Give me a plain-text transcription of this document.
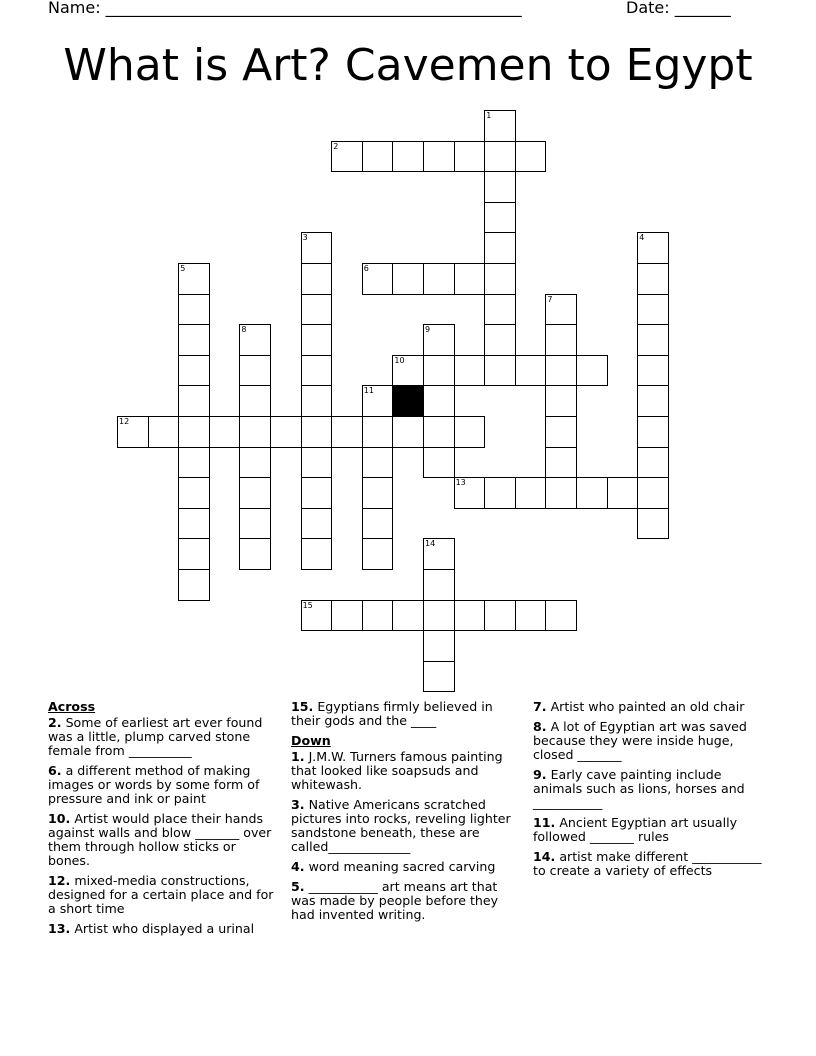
Name: ____________________________________________________	Date: _______
What is Art? Cavemen to Egypt
1
2
3	4
5	6
7
8	9
10
11
12
13
14
15
Across
2. Some of earliest art ever found was a little, plump carved stone female from __________
6. a different method of making images or words by some form of pressure and ink or paint
10. Artist would place their hands against walls and blow _______ over them through hollow sticks or bones.
12. mixed-media constructions, designed for a certain place and for a short time
13. Artist who displayed a urinal
15. Egyptians firmly believed in their gods and the ____
Down
1. J.M.W. Turners famous painting that looked like soapsuds and whitewash.
3. Native Americans scratched pictures into rocks, reveling lighter sandstone beneath, these are called_____________
4. word meaning sacred carving
5. ___________ art means art that was made by people before they had invented writing.
7. Artist who painted an old chair
8. A lot of Egyptian art was saved because they were inside huge, closed _______
9. Early cave painting include animals such as lions, horses and ___________
11. Ancient Egyptian art usually followed _______ rules
14. artist make different ___________ to create a variety of effects
